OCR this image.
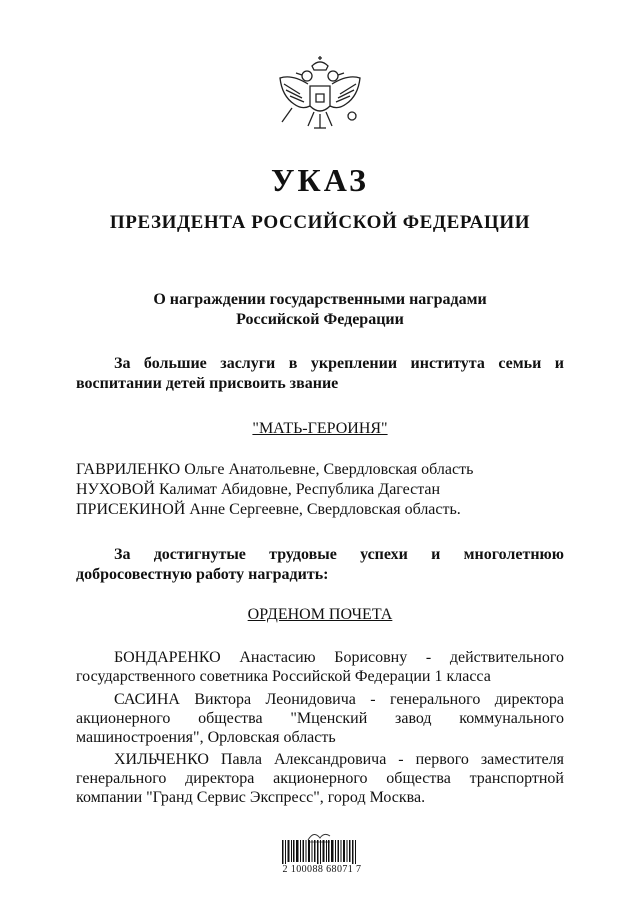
УКАЗ
ПРЕЗИДЕНТА РОССИЙСКОЙ ФЕДЕРАЦИИ
О награждении государственными наградами
Российской Федерации
За большие заслуги в укреплении института семьи и воспитании детей присвоить звание
"МАТЬ-ГЕРОИНЯ"
ГАВРИЛЕНКО Ольге Анатольевне, Свердловская область
НУХОВОЙ Калимат Абидовне, Республика Дагестан
ПРИСЕКИНОЙ Анне Сергеевне, Свердловская область.
За достигнутые трудовые успехи и многолетнюю добросовестную работу наградить:
ОРДЕНОМ ПОЧЕТА
БОНДАРЕНКО Анастасию Борисовну - действительного государственного советника Российской Федерации 1 класса
САСИНА Виктора Леонидовича - генерального директора акционерного общества "Мценский завод коммунального машиностроения", Орловская область
ХИЛЬЧЕНКО Павла Александровича - первого заместителя генерального директора акционерного общества транспортной компании "Гранд Сервис Экспресс", город Москва.
2 100088 68071 7
